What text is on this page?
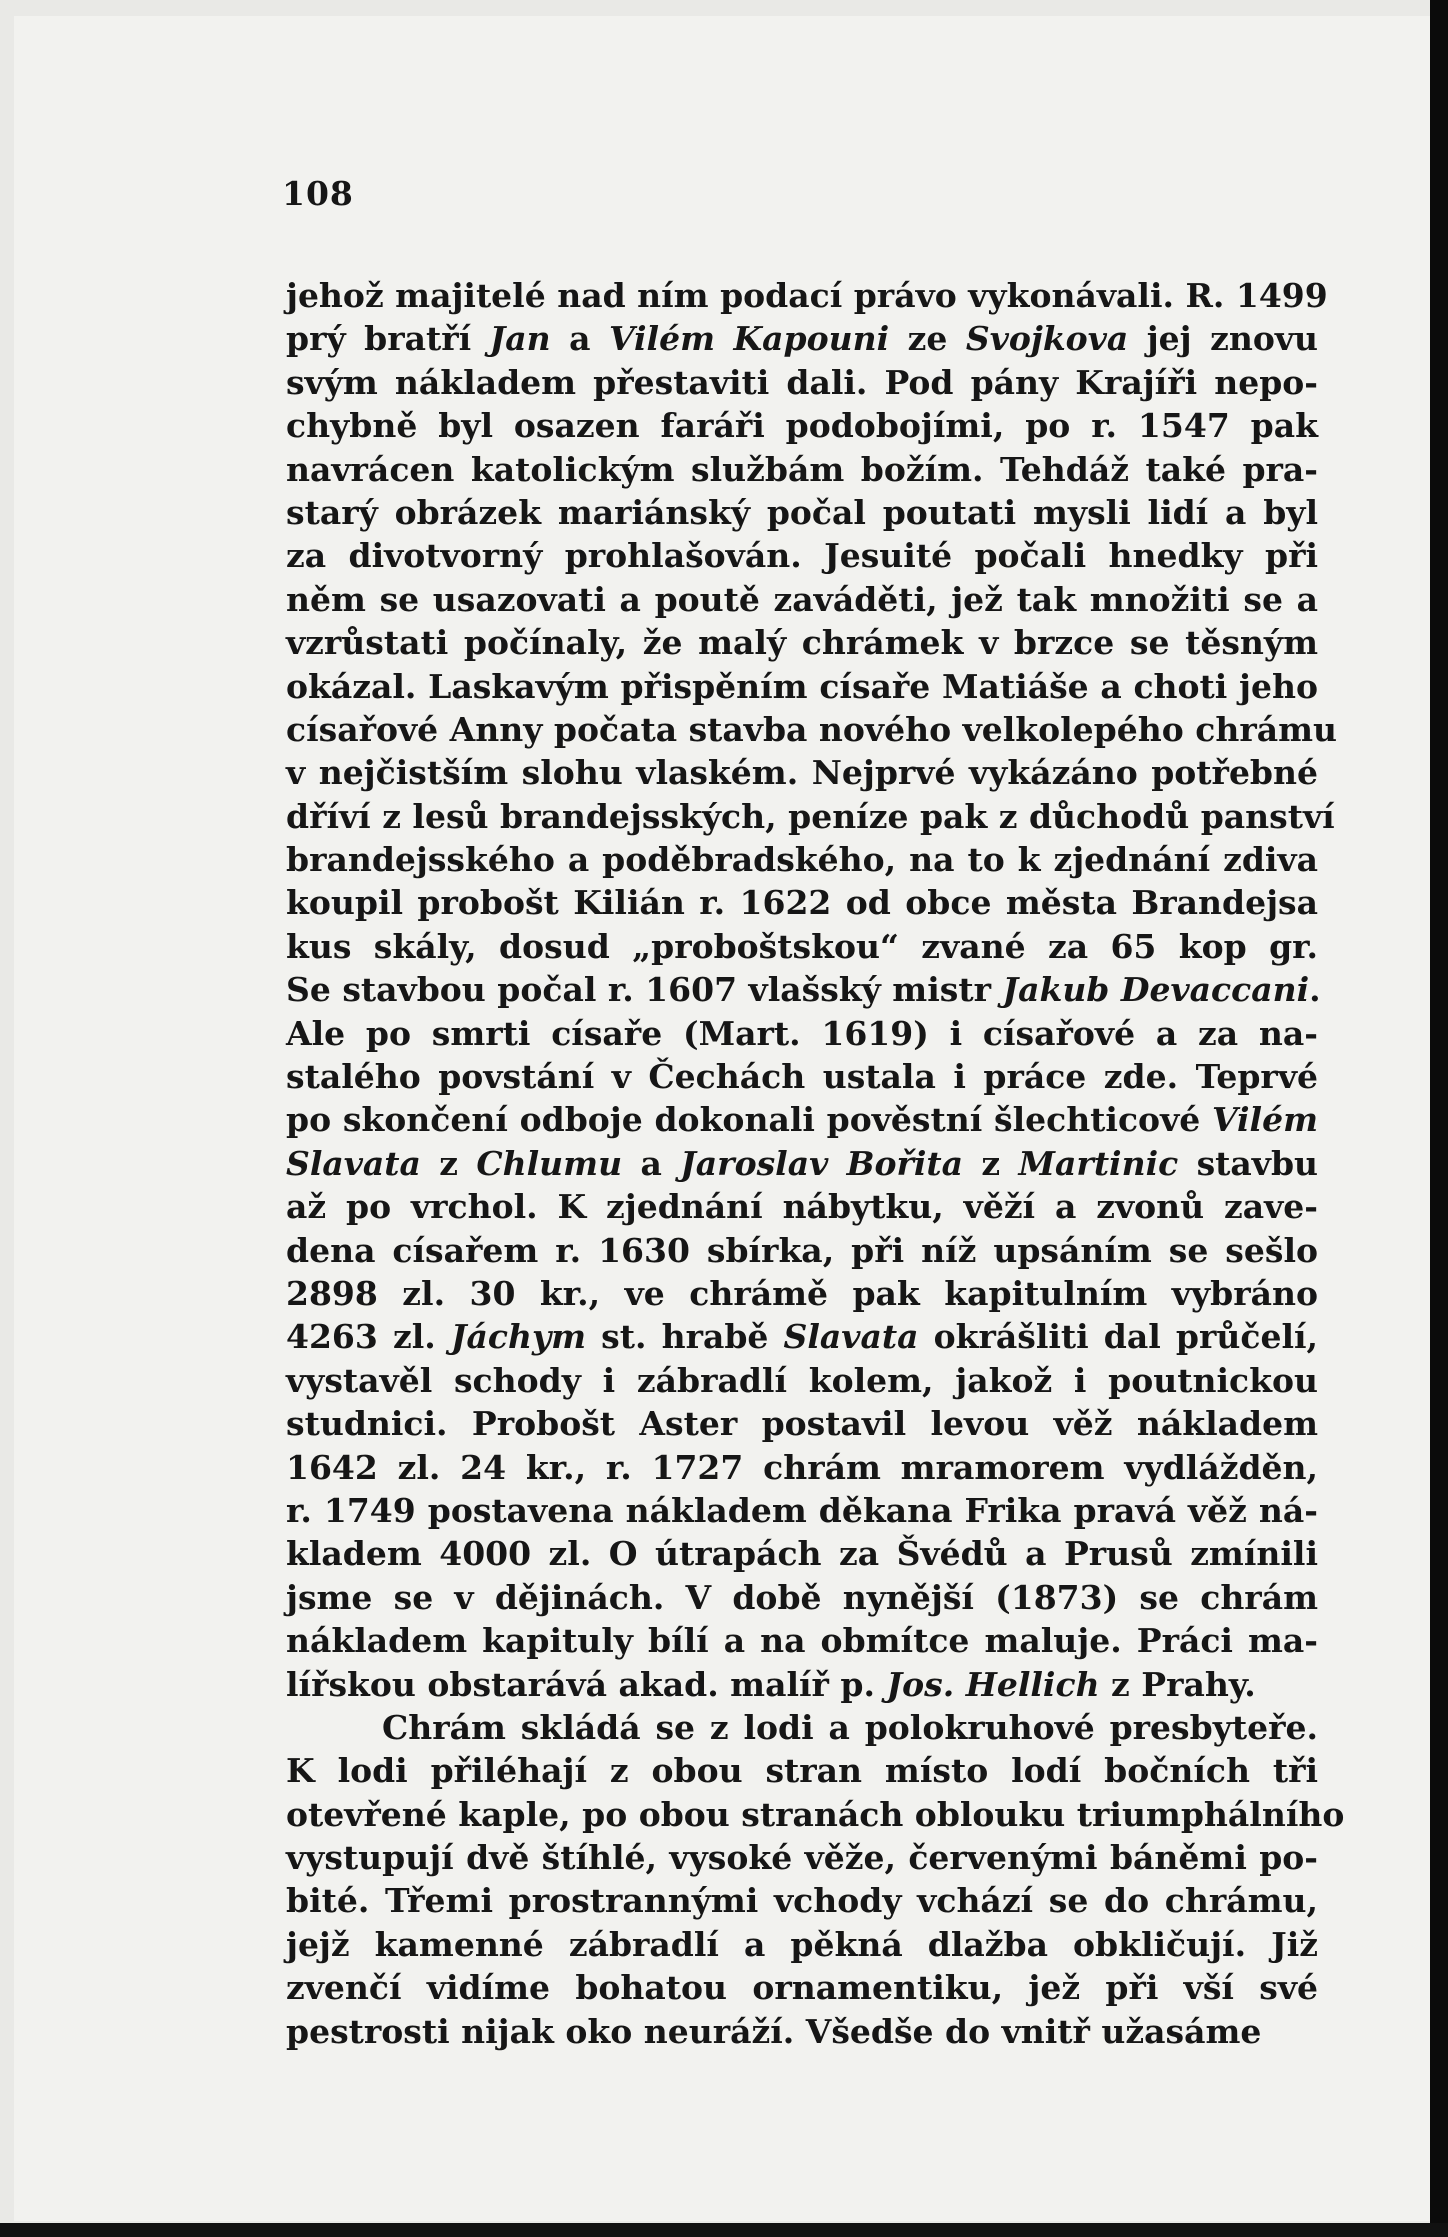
108
jehož majitelé nad ním podací právo vykonávali. R. 1499
prý bratří Jan a Vilém Kapouni ze Svojkova jej znovu
svým nákladem přestaviti dali. Pod pány Krajíři nepo-
chybně byl osazen faráři podobojími, po r. 1547 pak
navrácen katolickým službám božím. Tehdáž také pra-
starý obrázek mariánský počal poutati mysli lidí a byl
za divotvorný prohlašován. Jesuité počali hnedky při
něm se usazovati a poutě zaváděti, jež tak množiti se a
vzrůstati počínaly, že malý chrámek v brzce se těsným
okázal. Laskavým přispěním císaře Matiáše a choti jeho
císařové Anny počata stavba nového velkolepého chrámu
v nejčistším slohu vlaském. Nejprvé vykázáno potřebné
dříví z lesů brandejsských, peníze pak z důchodů panství
brandejsského a poděbradského, na to k zjednání zdiva
koupil probošt Kilián r. 1622 od obce města Brandejsa
kus skály, dosud „proboštskou“ zvané za 65 kop gr.
Se stavbou počal r. 1607 vlašský mistr Jakub Devaccani.
Ale po smrti císaře (Mart. 1619) i císařové a za na-
stalého povstání v Čechách ustala i práce zde. Teprvé
po skončení odboje dokonali pověstní šlechticové Vilém
Slavata z Chlumu a Jaroslav Bořita z Martinic stavbu
až po vrchol. K zjednání nábytku, věží a zvonů zave-
dena císařem r. 1630 sbírka, při níž upsáním se sešlo
2898 zl. 30 kr., ve chrámě pak kapitulním vybráno
4263 zl. Jáchym st. hrabě Slavata okrášliti dal průčelí,
vystavěl schody i zábradlí kolem, jakož i poutnickou
studnici. Probošt Aster postavil levou věž nákladem
1642 zl. 24 kr., r. 1727 chrám mramorem vydlážděn,
r. 1749 postavena nákladem děkana Frika pravá věž ná-
kladem 4000 zl. O útrapách za Švédů a Prusů zmínili
jsme se v dějinách. V době nynější (1873) se chrám
nákladem kapituly bílí a na obmítce maluje. Práci ma-
lířskou obstarává akad. malíř p. Jos. Hellich z Prahy.
Chrám skládá se z lodi a polokruhové presbyteře.
K lodi přiléhají z obou stran místo lodí bočních tři
otevřené kaple, po obou stranách oblouku triumphálního
vystupují dvě štíhlé, vysoké věže, červenými báněmi po-
bité. Třemi prostrannými vchody vchází se do chrámu,
jejž kamenné zábradlí a pěkná dlažba obkličují. Již
zvenčí vidíme bohatou ornamentiku, jež při vší své
pestrosti nijak oko neuráží. Všedše do vnitř užasáme
